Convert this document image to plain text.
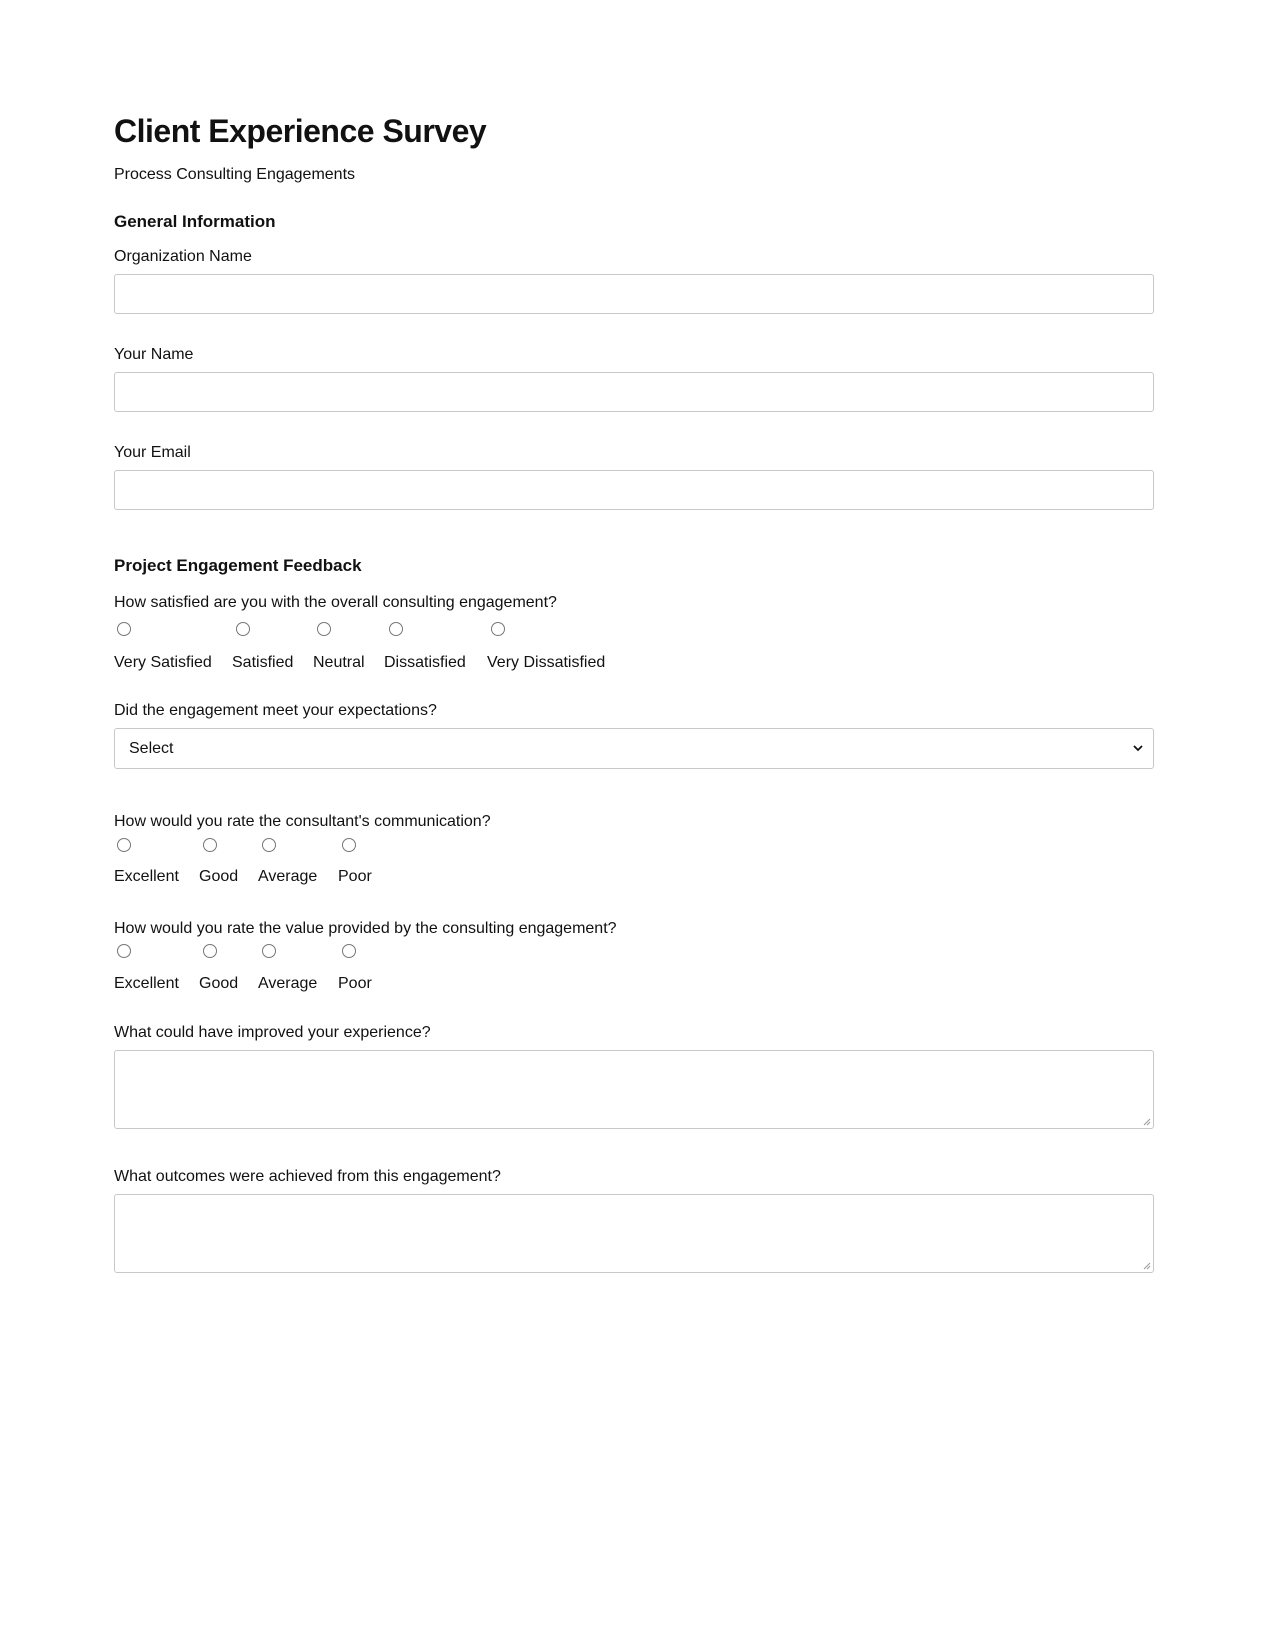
Client Experience Survey
Process Consulting Engagements
General Information
Organization Name
Your Name
Your Email
Project Engagement Feedback
How satisfied are you with the overall consulting engagement?
Very Satisfied Satisfied Neutral Dissatisfied Very Dissatisfied
Did the engagement meet your expectations?
Select
How would you rate the consultant's communication?
Excellent Good Average Poor
How would you rate the value provided by the consulting engagement?
Excellent Good Average Poor
What could have improved your experience?
What outcomes were achieved from this engagement?
